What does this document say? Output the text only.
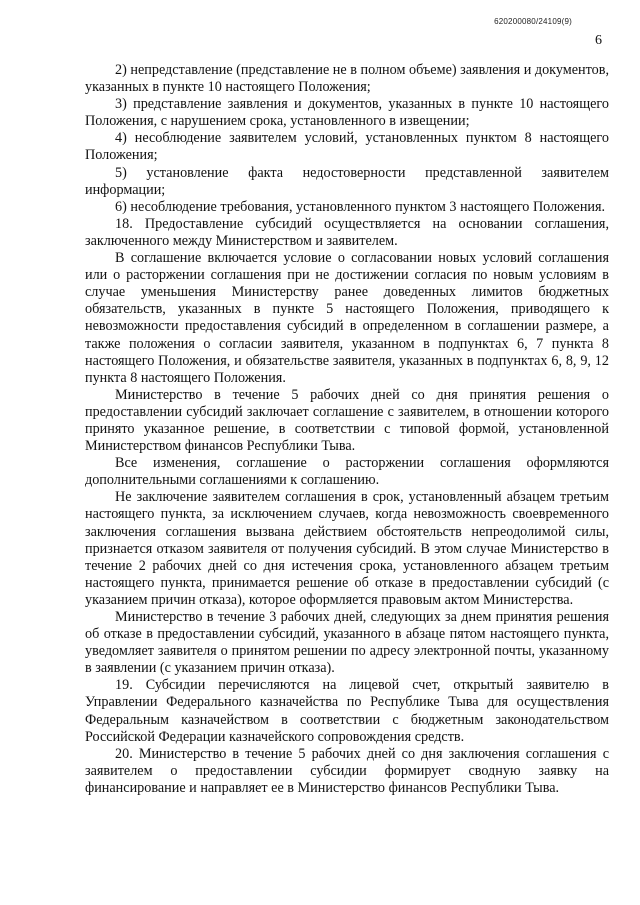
620200080/24109(9)
6

2) непредставление (представление не в полном объеме) заявления и документов, указанных в пункте 10 настоящего Положения;

3) представление заявления и документов, указанных в пункте 10 настоящего Положения, с нарушением срока, установленного в извещении;

4) несоблюдение заявителем условий, установленных пунктом 8 настоящего Положения;

5) установление факта недостоверности представленной заявителем информации;

6) несоблюдение требования, установленного пунктом 3 настоящего Положения.

18. Предоставление субсидий осуществляется на основании соглашения, заключенного между Министерством и заявителем.

В соглашение включается условие о согласовании новых условий соглашения или о расторжении соглашения при не достижении согласия по новым условиям в случае уменьшения Министерству ранее доведенных лимитов бюджетных обязательств, указанных в пункте 5 настоящего Положения, приводящего к невозможности предоставления субсидий в определенном в соглашении размере, а также положения о согласии заявителя, указанном в подпунктах 6, 7 пункта 8 настоящего Положения, и обязательстве заявителя, указанных в подпунктах 6, 8, 9, 12 пункта 8 настоящего Положения.

Министерство в течение 5 рабочих дней со дня принятия решения о предоставлении субсидий заключает соглашение с заявителем, в отношении которого принято указанное решение, в соответствии с типовой формой, установленной Министерством финансов Республики Тыва.

Все изменения, соглашение о расторжении соглашения оформляются дополнительными соглашениями к соглашению.

Не заключение заявителем соглашения в срок, установленный абзацем третьим настоящего пункта, за исключением случаев, когда невозможность своевременного заключения соглашения вызвана действием обстоятельств непреодолимой силы, признается отказом заявителя от получения субсидий. В этом случае Министерство в течение 2 рабочих дней со дня истечения срока, установленного абзацем третьим настоящего пункта, принимается решение об отказе в предоставлении субсидий (с указанием причин отказа), которое оформляется правовым актом Министерства.

Министерство в течение 3 рабочих дней, следующих за днем принятия решения об отказе в предоставлении субсидий, указанного в абзаце пятом настоящего пункта, уведомляет заявителя о принятом решении по адресу электронной почты, указанному в заявлении (с указанием причин отказа).

19. Субсидии перечисляются на лицевой счет, открытый заявителю в Управлении Федерального казначейства по Республике Тыва для осуществления Федеральным казначейством в соответствии с бюджетным законодательством Российской Федерации казначейского сопровождения средств.

20. Министерство в течение 5 рабочих дней со дня заключения соглашения с заявителем о предоставлении субсидии формирует сводную заявку на финансирование и направляет ее в Министерство финансов Республики Тыва.
